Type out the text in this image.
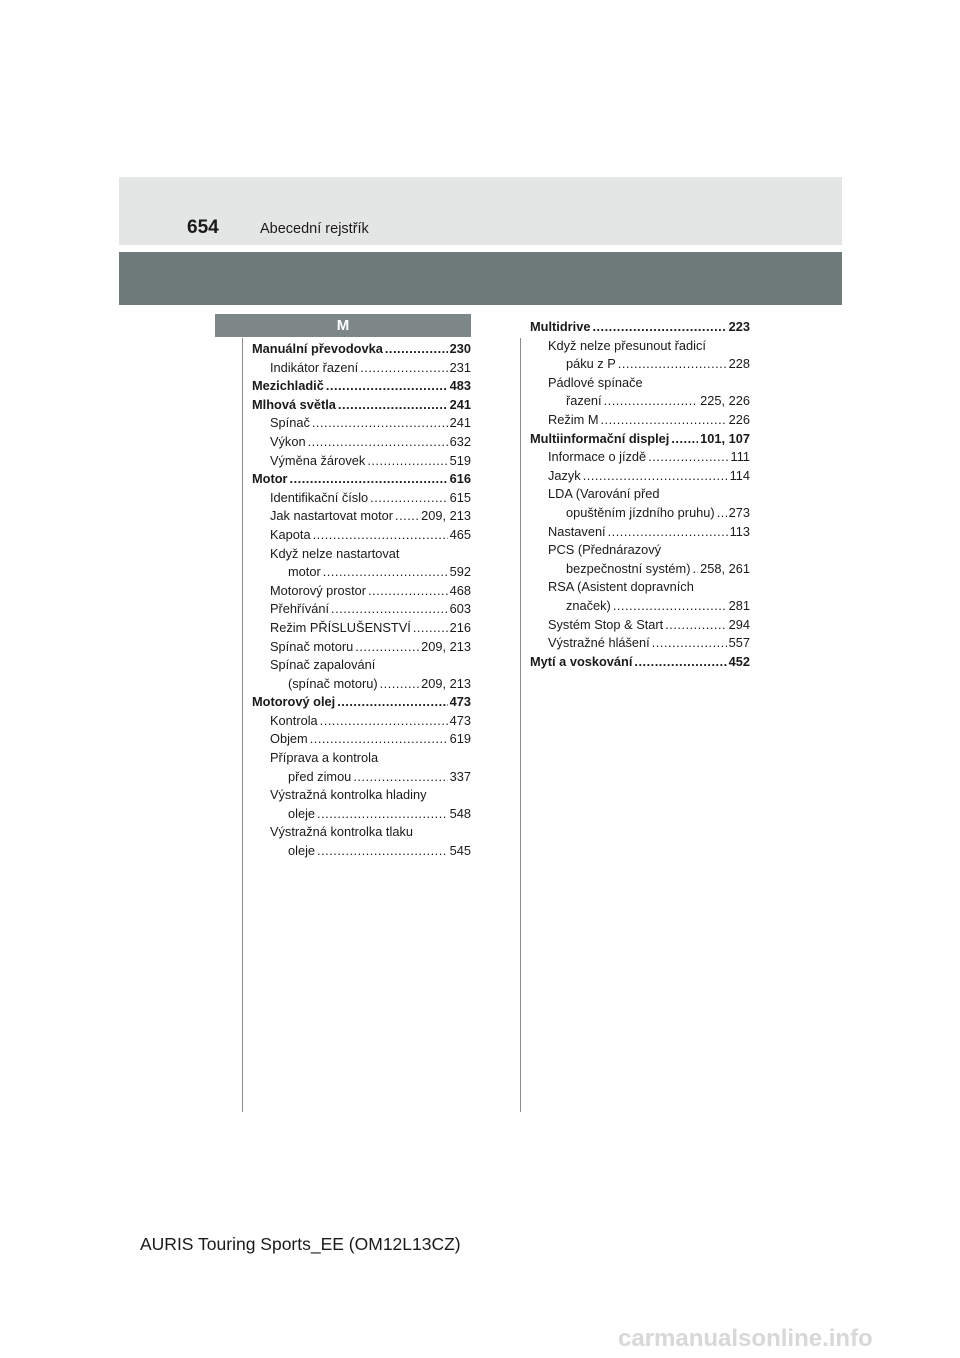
654	Abecední rejstřík
M
Manuální převodovka .....	230
Indikátor řazení .....	231
Mezichladič .....	483
Mlhová světla .....	241
Spínač .....	241
Výkon .....	632
Výměna žárovek .....	519
Motor .....	616
Identifikační číslo .....	615
Jak nastartovat motor ..... 209, 213
Kapota .....	465
Když nelze nastartovat
motor .....	592
Motorový prostor .....	468
Přehřívání .....	603
Režim PŘÍSLUŠENSTVÍ .....	216
Spínač motoru .....	209, 213
Spínač zapalování
(spínač motoru) .....	209, 213
Motorový olej .....	473
Kontrola .....	473
Objem .....	619
Příprava a kontrola
před zimou .....	337
Výstražná kontrolka hladiny
oleje .....	548
Výstražná kontrolka tlaku
oleje .....	545
Multidrive .....	223
Když nelze přesunout řadicí
páku z P .....	228
Pádlové spínače
řazení .....	225, 226
Režim M .....	226
Multiinformační displej ..... 101, 107
Informace o jízdě .....	111
Jazyk .....	114
LDA (Varování před
opuštěním jízdního pruhu) ..... 273
Nastavení .....	113
PCS (Přednárazový
bezpečnostní systém) ..... 258, 261
RSA (Asistent dopravních
značek) .....	281
Systém Stop & Start .....	294
Výstražné hlášení .....	557
Mytí a voskování .....	452
AURIS Touring Sports_EE (OM12L13CZ)
carmanualsonline.info
